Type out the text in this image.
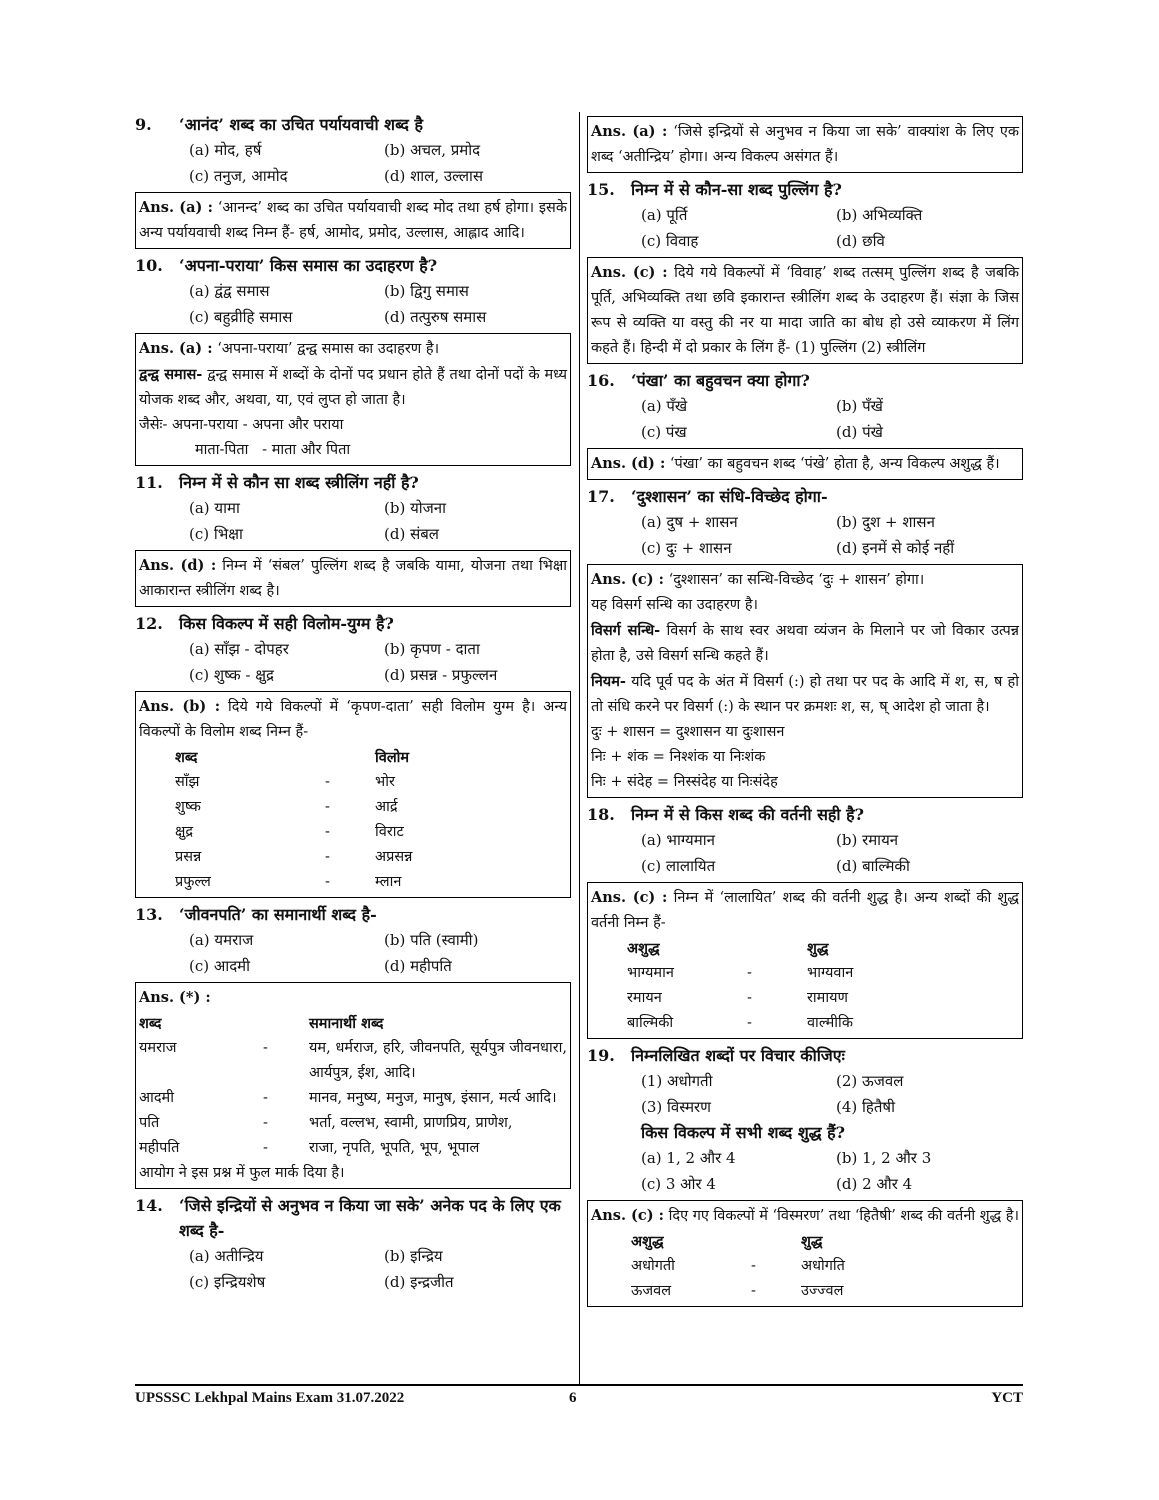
9.	‘आनंद’ शब्द का उचित पर्यायवाची शब्द है
(a) मोद, हर्ष	(b) अचल, प्रमोद
(c) तनुज, आमोद	(d) शाल, उल्लास
Ans. (a) : ‘आनन्द’ शब्द का उचित पर्यायवाची शब्द मोद तथा हर्ष होगा। इसके अन्य पर्यायवाची शब्द निम्न हैं- हर्ष, आमोद, प्रमोद, उल्लास, आह्लाद आदि।
10.	‘अपना-पराया’ किस समास का उदाहरण है?
(a) द्वंद्व समास	(b) द्विगु समास
(c) बहुव्रीहि समास	(d) तत्पुरुष समास
Ans. (a) : ‘अपना-पराया’ द्वन्द्व समास का उदाहरण है।
द्वन्द्व समास- द्वन्द्व समास में शब्दों के दोनों पद प्रधान होते हैं तथा दोनों पदों के मध्य योजक शब्द और, अथवा, या, एवं लुप्त हो जाता है।
जैसेः- अपना-पराया - अपना और पराया
माता-पिता   - माता और पिता
11.	निम्न में से कौन सा शब्द स्त्रीलिंग नहीं है?
(a) यामा	(b) योजना
(c) भिक्षा	(d) संबल
Ans. (d) : निम्न में ‘संबल’ पुल्लिंग शब्द है जबकि यामा, योजना तथा भिक्षा आकारान्त स्त्रीलिंग शब्द है।
12.	किस विकल्प में सही विलोम-युग्म है?
(a) साँझ - दोपहर	(b) कृपण - दाता
(c) शुष्क - क्षुद्र	(d) प्रसन्न - प्रफुल्लन
Ans. (b) : दिये गये विकल्पों में ‘कृपण-दाता’ सही विलोम युग्म है। अन्य विकल्पों के विलोम शब्द निम्न हैं-
शब्द		विलोम
साँझ	-	भोर
शुष्क	-	आर्द्र
क्षुद्र	-	विराट
प्रसन्न	-	अप्रसन्न
प्रफुल्ल	-	म्लान
13.	‘जीवनपति’ का समानार्थी शब्द है-
(a) यमराज	(b) पति (स्वामी)
(c) आदमी	(d) महीपति
Ans. (*) :
शब्द		समानार्थी शब्द
यमराज	-	यम, धर्मराज, हरि, जीवनपति, सूर्यपुत्र जीवनधारा, आर्यपुत्र, ईश, आदि।
आदमी	-	मानव, मनुष्य, मनुज, मानुष, इंसान, मर्त्य आदि।
पति	-	भर्ता, वल्लभ, स्वामी, प्राणप्रिय, प्राणेश,
महीपति	-	राजा, नृपति, भूपति, भूप, भूपाल
आयोग ने इस प्रश्न में फुल मार्क दिया है।
14.	‘जिसे इन्द्रियों से अनुभव न किया जा सके’ अनेक पद के लिए एक शब्द है-
(a) अतीन्द्रिय	(b) इन्द्रिय
(c) इन्द्रियशेष	(d) इन्द्रजीत
Ans. (a) : ‘जिसे इन्द्रियों से अनुभव न किया जा सके’ वाक्यांश के लिए एक शब्द ‘अतीन्द्रिय’ होगा। अन्य विकल्प असंगत हैं।
15.	निम्न में से कौन-सा शब्द पुल्लिंग है?
(a) पूर्ति	(b) अभिव्यक्ति
(c) विवाह	(d) छवि
Ans. (c) : दिये गये विकल्पों में ‘विवाह’ शब्द तत्सम् पुल्लिंग शब्द है जबकि पूर्ति, अभिव्यक्ति तथा छवि इकारान्त स्त्रीलिंग शब्द के उदाहरण हैं। संज्ञा के जिस रूप से व्यक्ति या वस्तु की नर या मादा जाति का बोध हो उसे व्याकरण में लिंग कहते हैं। हिन्दी में दो प्रकार के लिंग हैं- (1) पुल्लिंग (2) स्त्रीलिंग
16.	‘पंखा’ का बहुवचन क्या होगा?
(a) पँखे	(b) पँखें
(c) पंख	(d) पंखे
Ans. (d) : ‘पंखा’ का बहुवचन शब्द ‘पंखे’ होता है, अन्य विकल्प अशुद्ध हैं।
17.	‘दुश्शासन’ का संधि-विच्छेद होगा-
(a) दुष + शासन	(b) दुश + शासन
(c) दुः + शासन	(d) इनमें से कोई नहीं
Ans. (c) : ‘दुश्शासन’ का सन्धि-विच्छेद ‘दुः + शासन’ होगा।
यह विसर्ग सन्धि का उदाहरण है।
विसर्ग सन्धि- विसर्ग के साथ स्वर अथवा व्यंजन के मिलाने पर जो विकार उत्पन्न होता है, उसे विसर्ग सन्धि कहते हैं।
नियम- यदि पूर्व पद के अंत में विसर्ग (:) हो तथा पर पद के आदि में श, स, ष हो तो संधि करने पर विसर्ग (:) के स्थान पर क्रमशः श, स, ष् आदेश हो जाता है।
दुः + शासन = दुश्शासन या दुःशासन
निः + शंक = निश्शंक या निःशंक
निः + संदेह = निस्संदेह या निःसंदेह
18.	निम्न में से किस शब्द की वर्तनी सही है?
(a) भाग्यमान	(b) रमायन
(c) लालायित	(d) बाल्मिकी
Ans. (c) : निम्न में ‘लालायित’ शब्द की वर्तनी शुद्ध है। अन्य शब्दों की शुद्ध वर्तनी निम्न हैं-
अशुद्ध		शुद्ध
भाग्यमान	-	भाग्यवान
रमायन	-	रामायण
बाल्मिकी	-	वाल्मीकि
19.	निम्नलिखित शब्दों पर विचार कीजिएः
(1) अधोगती	(2) ऊजवल
(3) विस्मरण	(4) हितैषी
किस विकल्प में सभी शब्द शुद्ध हैं?
(a) 1, 2 और 4	(b) 1, 2 और 3
(c) 3 ओर 4	(d) 2 और 4
Ans. (c) : दिए गए विकल्पों में ‘विस्मरण’ तथा ‘हितैषी’ शब्द की वर्तनी शुद्ध है।
अशुद्ध		शुद्ध
अधोगती	-	अधोगति
ऊजवल	-	उज्ज्वल
UPSSSC Lekhpal Mains Exam 31.07.2022	6	YCT
